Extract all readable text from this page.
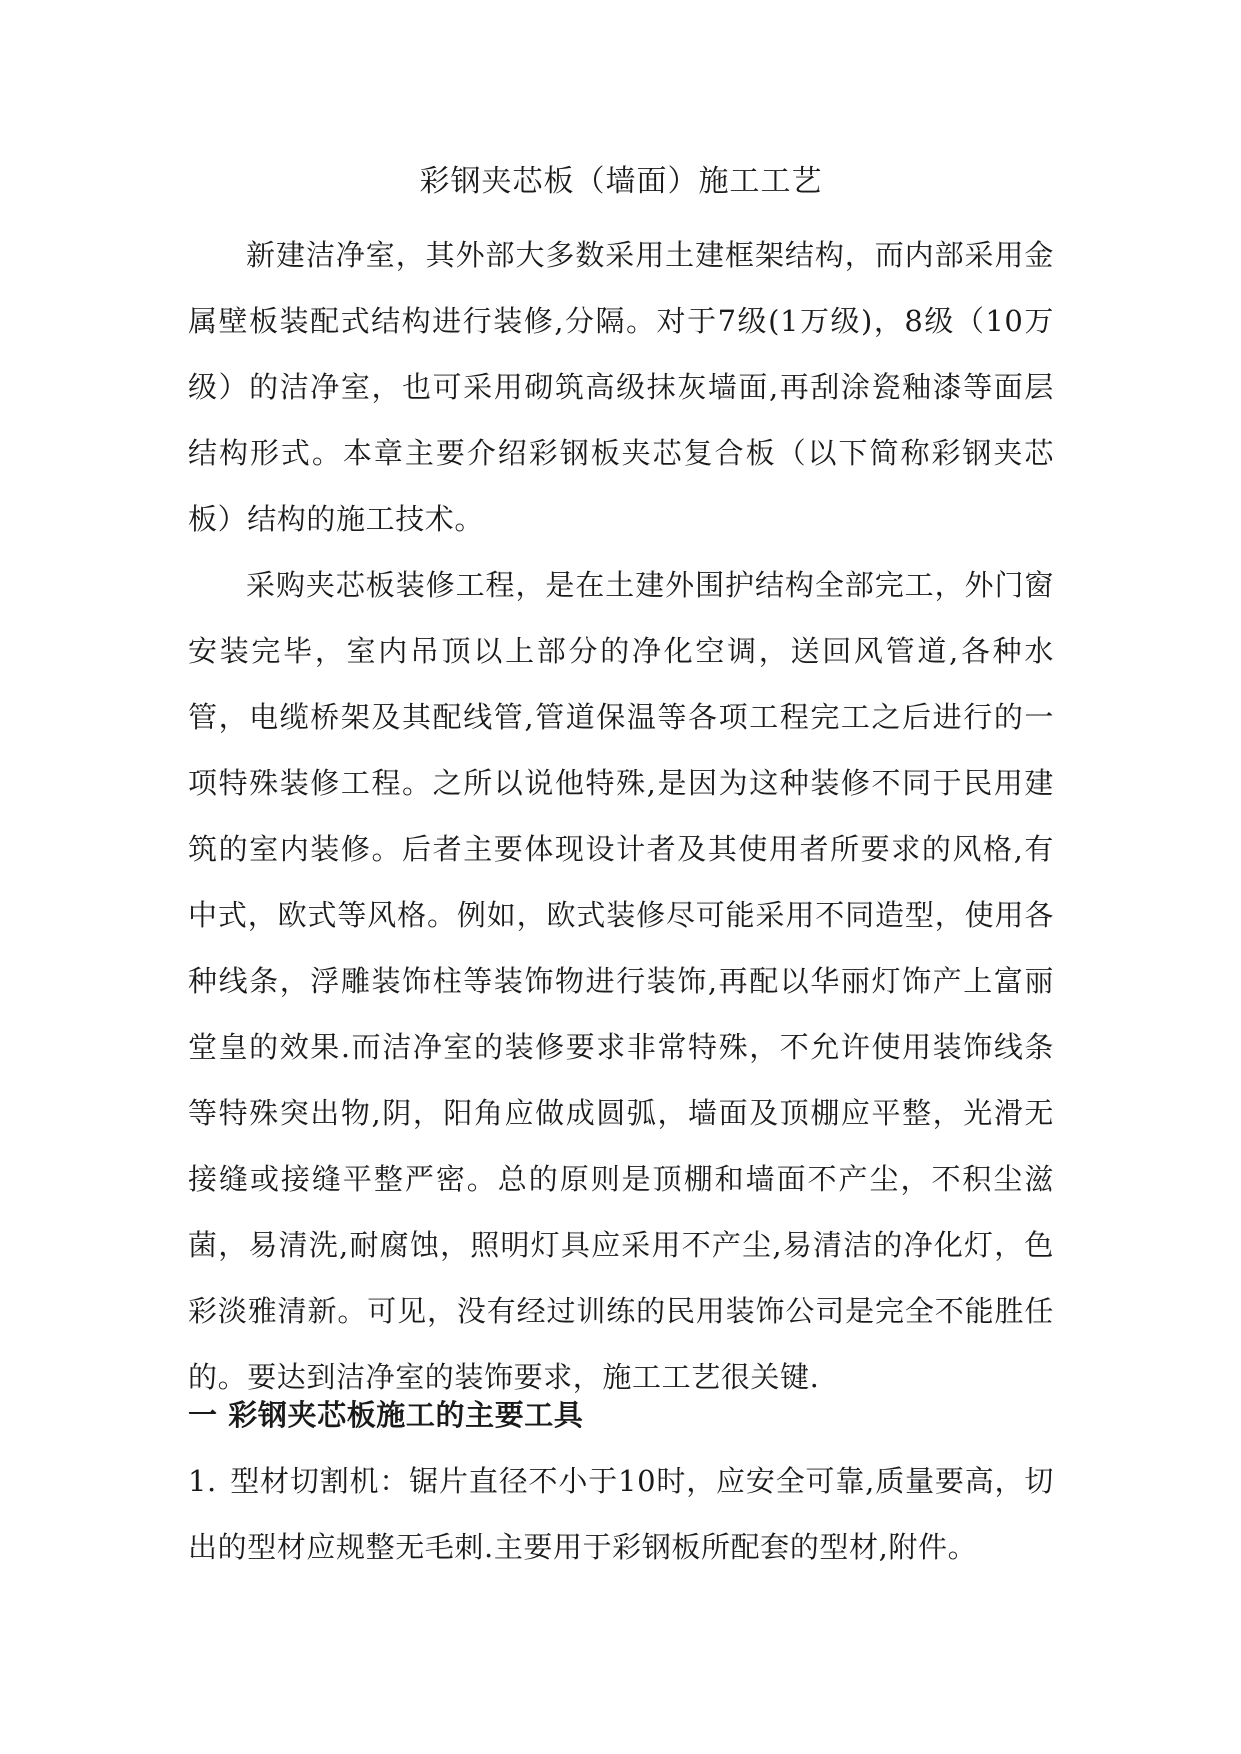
彩钢夹芯板（墙面）施工工艺

新建洁净室，其外部大多数采用土建框架结构，而内部采用金属壁板装配式结构进行装修,分隔。对于7级(1万级)，8级（10万级）的洁净室，也可采用砌筑高级抹灰墙面,再刮涂瓷釉漆等面层结构形式。本章主要介绍彩钢板夹芯复合板（以下简称彩钢夹芯板）结构的施工技术。

采购夹芯板装修工程，是在土建外围护结构全部完工，外门窗安装完毕，室内吊顶以上部分的净化空调，送回风管道,各种水管，电缆桥架及其配线管,管道保温等各项工程完工之后进行的一项特殊装修工程。之所以说他特殊,是因为这种装修不同于民用建筑的室内装修。后者主要体现设计者及其使用者所要求的风格,有中式，欧式等风格。例如，欧式装修尽可能采用不同造型，使用各种线条，浮雕装饰柱等装饰物进行装饰,再配以华丽灯饰产上富丽堂皇的效果.而洁净室的装修要求非常特殊，不允许使用装饰线条等特殊突出物,阴，阳角应做成圆弧，墙面及顶棚应平整，光滑无接缝或接缝平整严密。总的原则是顶棚和墙面不产尘，不积尘滋菌，易清洗,耐腐蚀，照明灯具应采用不产尘,易清洁的净化灯，色彩淡雅清新。可见，没有经过训练的民用装饰公司是完全不能胜任的。要达到洁净室的装饰要求，施工工艺很关键.

一 彩钢夹芯板施工的主要工具

1. 型材切割机：锯片直径不小于10时，应安全可靠,质量要高，切出的型材应规整无毛刺.主要用于彩钢板所配套的型材,附件。
